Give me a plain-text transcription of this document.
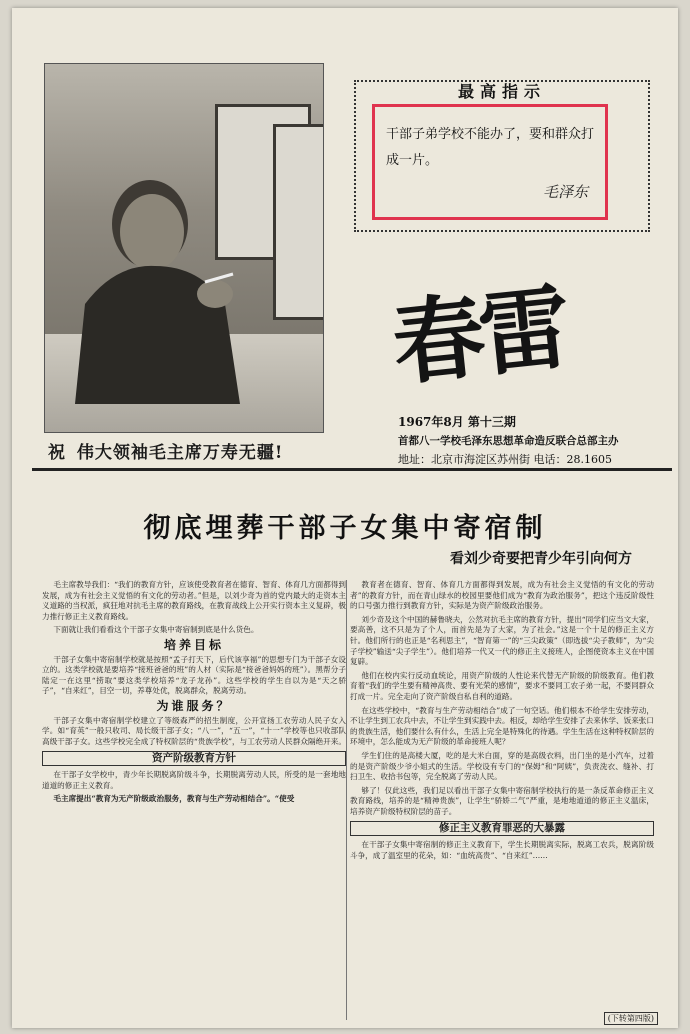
祝 伟大领袖毛主席万寿无疆!
最高指示
干部子弟学校不能办了，要和群众打成一片。
毛泽东
春雷
1967年8月 第十三期
首都八一学校毛泽东思想革命造反联合总部主办
地址：北京市海淀区苏州街 电话：28.1605
彻底埋葬干部子女集中寄宿制
看刘少奇要把青少年引向何方

毛主席教导我们：“我们的教育方针，应该使受教育者在德育、智育、体育几方面都得到发展，成为有社会主义觉悟的有文化的劳动者。”但是，以刘少奇为首的党内最大的走资本主义道路的当权派，疯狂地对抗毛主席的教育路线，在教育战线上公开实行资本主义复辟，极力推行修正主义教育路线。

下面就让我们看看这个干部子女集中寄宿制到底是什么货色。

培养目标

干部子女集中寄宿制学校就是按照“孟子打天下，后代该享福”的思想专门为干部子女设立的。这类学校就是要培养“接班爸爸的班”的人材（实际是“接爸爸妈妈的班”）。黑帮分子陆定一在这里“捞取”要这类学校培养“龙子龙孙”。这些学校的学生自以为是“天之骄子”，“自来红”，目空一切，养尊处优，脱离群众，脱离劳动。

为谁服务？

干部子女集中寄宿制学校建立了等级森严的招生制度，公开宣扬工农劳动人民子女入学。如“育英”一般只收司、局长级干部子女；“八一”，“五一”，“十一”学校等也只收部队高级干部子女。这些学校完全成了特权阶层的“贵族学校”，与工农劳动人民群众隔绝开来。

资产阶级教育方针

在干部子女学校中，青少年长期脱离阶级斗争，长期脱离劳动人民，所受的是一套地地道道的修正主义教育。

毛主席提出“教育为无产阶级政治服务，教育与生产劳动相结合”。“使受

教育者在德育、智育、体育几方面都得到发展，成为有社会主义觉悟的有文化的劳动者”的教育方针，而在青山绿水的校园里要他们成为“教育为政治服务”，把这个违反阶级性的口号强力推行到教育方针，实际是为资产阶级政治服务。

刘少奇及这个中国的赫鲁晓夫，公然对抗毛主席的教育方针，提出“同学们应当文大家，要高善，这不只是为了个人，而首先是为了大家，为了社会。”这是一个十足的修正主义方针。他们所行的也正是“名利思主”，“智育第一”的“三尖政策”（即选拔“尖子教师”，为“尖子学校”输送“尖子学生”）。他们培养一代又一代的修正主义接班人，企图使资本主义在中国复辟。

他们在校内实行反动血统论，用资产阶级的人性论来代替无产阶级的阶级教育。他们教育着“我们的学生要有精神高贵、要有光荣的感情”，要求不要同工农子弟一起，不要同群众打成一片。完全走向了资产阶级自私自利的道路。

在这些学校中，“教育与生产劳动相结合”成了一句空话。他们根本不给学生安排劳动，不让学生到工农兵中去，不让学生到实践中去。相反，却给学生安排了去来休学、饭来张口的贵族生活，他们要什么有什么，生活上完全是特殊化的待遇。学生生活在这种特权阶层的环境中，怎么能成为无产阶级的革命接班人呢？

学生们住的是高楼大厦，吃的是大米白面，穿的是高级衣料，出门坐的是小汽车，过着的是资产阶级少爷小姐式的生活。学校设有专门的“保姆”和“阿姨”，负责洗衣、缝补、打扫卫生、收拾书包等，完全脱离了劳动人民。

够了！仅此这些，我们足以看出干部子女集中寄宿制学校执行的是一条反革命修正主义教育路线，培养的是“精神贵族”，让学生“骄娇二气”严重，是地地道道的修正主义温床，培养资产阶级特权阶层的苗子。

修正主义教育罪恶的大暴露

在干部子女集中寄宿制的修正主义教育下，学生长期脱离实际，脱离工农兵，脱离阶级斗争，成了温室里的花朵，如：“血统高贵”、“自来红”……

(下转第四版)
